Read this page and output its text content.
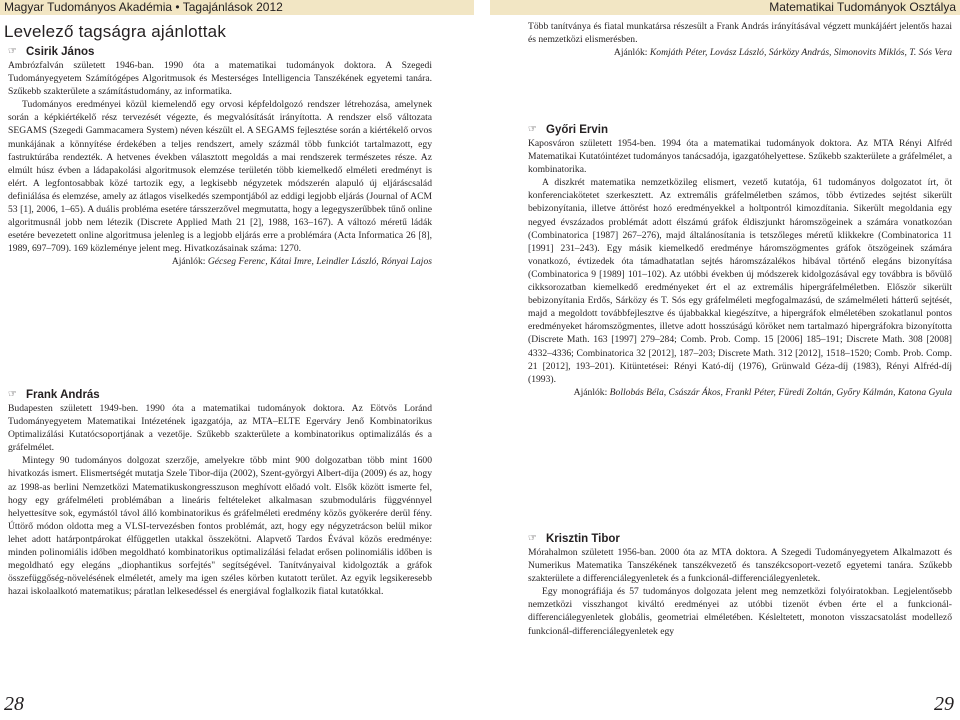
Magyar Tudományos Akadémia • Tagajánlások 2012	Matematikai Tudományok Osztálya
Levelező tagságra ajánlottak
☞	Csirik János

Ambrózfalván született 1946-ban. 1990 óta a matematikai tudományok doktora. A Szegedi Tudományegyetem Számítógépes Algoritmusok és Mesterséges Intelligencia Tanszékének egyetemi tanára. Szűkebb szakterülete a számítástudomány, az informatika.

Tudományos eredményei közül kiemelendő egy orvosi képfeldolgozó rendszer létrehozása, amelynek során a képkiértékelő rész tervezését végezte, és megvalósítását irányította. A rendszer első változata SEGAMS (Szegedi Gammacamera System) néven készült el. A SEGAMS fejlesztése során a kiértékelő orvos munkájának a könnyítése érdekében a teljes rendszert, amely százmál több funkciót tartalmazott, egy fastruktúrába rendezték. A hetvenes években választott megoldás a mai rendszerek természetes része. Az elmúlt húsz évben a ládapakolási algoritmusok elemzése területén több kiemelkedő elméleti eredményt is elért. A legfontosabbak közé tartozik egy, a legkisebb négyzetek módszerén alapuló új eljáráscsalád definiálása és elemzése, amely az átlagos viselkedés szempontjából az eddigi legjobb eljárás (Journal of ACM 53 [1], 2006, 1–65). A duális probléma esetére társszerzővel megmutatta, hogy a legegyszerűbbek tűnő online algoritmusnál jobb nem létezik (Discrete Applied Math 21 [2], 1988, 163–167). A változó méretű ládák esetére bevezetett online algoritmusa jelenleg is a legjobb eljárás erre a problémára (Acta Informatica 26 [8], 1989, 697–709). 169 közleménye jelent meg. Hivatkozásainak száma: 1270.

Ajánlók: Gécseg Ferenc, Kátai Imre, Leindler László, Rónyai Lajos

☞	Frank András

Budapesten született 1949-ben. 1990 óta a matematikai tudományok doktora. Az Eötvös Loránd Tudományegyetem Matematikai Intézetének igazgatója, az MTA–ELTE Egerváry Jenő Kombinatorikus Optimalizálási Kutatócsoportjának a vezetője. Szűkebb szakterülete a kombinatorikus optimalizálás és a gráfelmélet.

Mintegy 90 tudományos dolgozat szerzője, amelyekre több mint 900 dolgozatban több mint 1600 hivatkozás ismert. Elismertségét mutatja Szele Tibor-díja (2002), Szent-györgyi Albert-díja (2009) és az, hogy az 1998-as berlini Nemzetközi Matematikuskongresszuson meghívott előadó volt. Elsők között ismerte fel, hogy egy gráfelméleti problémában a lineáris feltételeket alkalmasan szubmoduláris függvénnyel helyettesítve sok, egymástól távol álló kombinatorikus és gráfelméleti eredmény közös gyökerére derül fény. Úttörő módon oldotta meg a VLSI-tervezésben fontos problémát, azt, hogy egy négyzetrácson belül mikor lehet adott határpontpárokat élfüggetlen utakkal összekötni. Alapvető Tardos Évával közös eredménye: minden polinomiális időben megoldható kombinatorikus optimalizálási feladat erősen polinomiális időben is megoldható egy elegáns „diophantikus sorfejtés" segítségével. Tanítványaival kidolgozták a gráfok összefüggőség-növelésének elméletét, amely ma igen széles körben kutatott terület. Az egyik legsikeresebb hazai iskolaalkotó matematikus; páratlan lelkesedéssel és energiával foglalkozik fiatal kutatókkal.

Több tanítványa és fiatal munkatársa részesült a Frank András irányításával végzett munkájáért jelentős hazai és nemzetközi elismerésben.

Ajánlók: Komjáth Péter, Lovász László, Sárközy András, Simonovits Miklós, T. Sós Vera

☞	Győri Ervin

Kaposváron született 1954-ben. 1994 óta a matematikai tudományok doktora. Az MTA Rényi Alfréd Matematikai Kutatóintézet tudományos tanácsadója, igazgatóhelyettese. Szűkebb szakterülete a gráfelmélet, a kombinatorika.

A diszkrét matematika nemzetközileg elismert, vezető kutatója, 61 tudományos dolgozatot írt, öt konferenciakötetet szerkesztett. Az extremális gráfelméletben számos, több évtizedes sejtést sikerült bebizonyítania, illetve áttörést hozó eredményekkel a holtpontról kimozdítania. Sikerült megoldania egy negyed évszázados problémát adott élszámú gráfok éldiszjunkt háromszögeinek a számára vonatkozóan (Combinatorica [1987] 267–276), majd általánosítania is tetszőleges méretű klikkekre (Combinatorica 11 [1991] 231–243). Egy másik kiemelkedő eredménye háromszögmentes gráfok ötszögeinek számára vonatkozó, évtizedek óta támadhatatlan sejtés háromszázalékos hibával történő elegáns bizonyítása (Combinatorica 9 [1989] 101–102). Az utóbbi években új módszerek kidolgozásával egy továbbra is bővülő cikksorozatban kiemelkedő eredményeket ért el az extremális hipergráfelméletben. Először sikerült bebizonyítania Erdős, Sárközy és T. Sós egy gráfelméleti megfogalmazású, de számelméleti hátterű sejtését, majd a megoldott továbbfejlesztve és újabbakkal kiegészítve, a hipergráfok elméletében szokatlanul pontos eredményeket háromszögmentes, illetve adott hosszúságú köröket nem tartalmazó hipergráfokra bizonyította (Discrete Math. 163 [1997] 279–284; Comb. Prob. Comp. 15 [2006] 185–191; Discrete Math. 308 [2008] 4332–4336; Combinatorica 32 [2012], 187–203; Discrete Math. 312 [2012], 1518–1520; Comb. Prob. Comp. 21 [2012], 193–201). Kitüntetései: Rényi Kató-díj (1976), Grünwald Géza-díj (1983), Rényi Alfréd-díj (1993).

Ajánlók: Bollobás Béla, Császár Ákos, Frankl Péter, Füredi Zoltán, Győry Kálmán, Katona Gyula

☞	Krisztin Tibor

Mórahalmon született 1956-ban. 2000 óta az MTA doktora. A Szegedi Tudományegyetem Alkalmazott és Numerikus Matematika Tanszékének tanszékvezető és tanszékcsoport-vezető egyetemi tanára. Szűkebb szakterülete a differenciálegyenletek és a funkcionál-differenciálegyenletek.

Egy monográfiája és 57 tudományos dolgozata jelent meg nemzetközi folyóiratokban. Legjelentősebb nemzetközi visszhangot kiváltó eredményei az utóbbi tizenöt évben érte el a funkcionál-differenciálegyenletek globális, geometriai elméletében. Késleltetett, monoton visszacsatolást modellező funkcionál-differenciálegyenletek egy

28	29
